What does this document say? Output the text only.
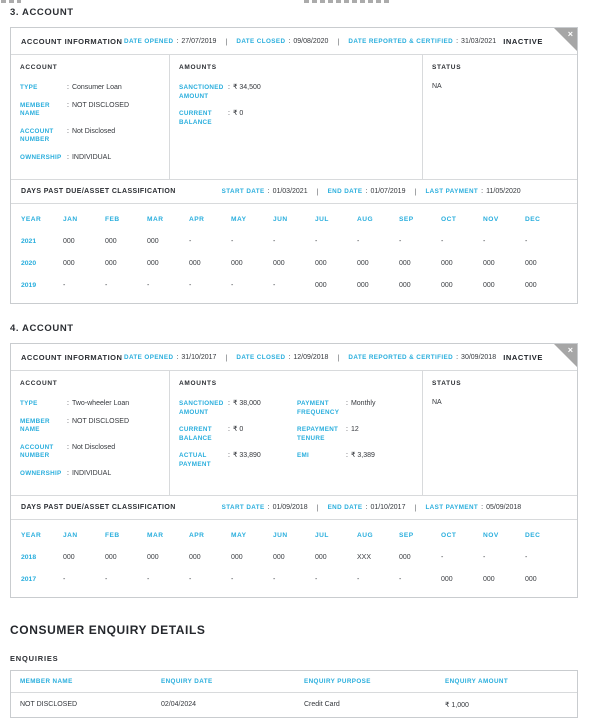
3. ACCOUNT
×
ACCOUNT INFORMATION DATE OPENED : 27/07/2019 |	DATE CLOSED : 09/08/2020 |	DATE REPORTED & CERTIFIED : 31/03/2021 INACTIVE
ACCOUNT
TYPE :	Consumer Loan
MEMBER NAME
:
NOT DISCLOSED
ACCOUNT NUMBER
:
Not Disclosed
OWNERSHIP :	INDIVIDUAL
AMOUNTS
SANCTIONED AMOUNT
:
₹ 34,500
CURRENT BALANCE
:
₹ 0
STATUS
NA
DAYS PAST DUE/ASSET CLASSIFICATION	START DATE : 01/03/2021 |	END DATE : 01/07/2019 |	LAST PAYMENT : 11/05/2020
YEAR	JAN	FEB	MAR	APR	MAY	JUN	JUL	AUG	SEP	OCT	NOV	DEC
2021	000	000	000	-	-	-	-	-	-	-	-	-
2020	000	000	000	000	000	000	000	000	000	000	000	000
2019	-	-	-	-	-	-	000	000	000	000	000	000
4. ACCOUNT
×
ACCOUNT INFORMATION DATE OPENED : 31/10/2017 |	DATE CLOSED : 12/09/2018 |	DATE REPORTED & CERTIFIED : 30/09/2018 INACTIVE
ACCOUNT
TYPE :	Two-wheeler Loan
MEMBER NAME
:
NOT DISCLOSED
ACCOUNT NUMBER
:
Not Disclosed
OWNERSHIP :	INDIVIDUAL
AMOUNTS
SANCTIONED AMOUNT
:
₹ 38,000
CURRENT BALANCE
:
₹ 0
ACTUAL PAYMENT
:
₹ 33,890
PAYMENT FREQUENCY
:
Monthly
REPAYMENT TENURE
:
12
EMI :	₹ 3,389
STATUS
NA
DAYS PAST DUE/ASSET CLASSIFICATION	START DATE : 01/09/2018 |	END DATE : 01/10/2017 |	LAST PAYMENT : 05/09/2018
YEAR	JAN	FEB	MAR	APR	MAY	JUN	JUL	AUG	SEP	OCT	NOV	DEC
2018	000	000	000	000	000	000	000	XXX	000	-	-	-
2017	-	-	-	-	-	-	-	-	-	000	000	000
CONSUMER ENQUIRY DETAILS
ENQUIRIES
MEMBER NAME	ENQUIRY DATE	ENQUIRY PURPOSE	ENQUIRY AMOUNT
NOT DISCLOSED	02/04/2024	Credit Card	₹ 1,000
